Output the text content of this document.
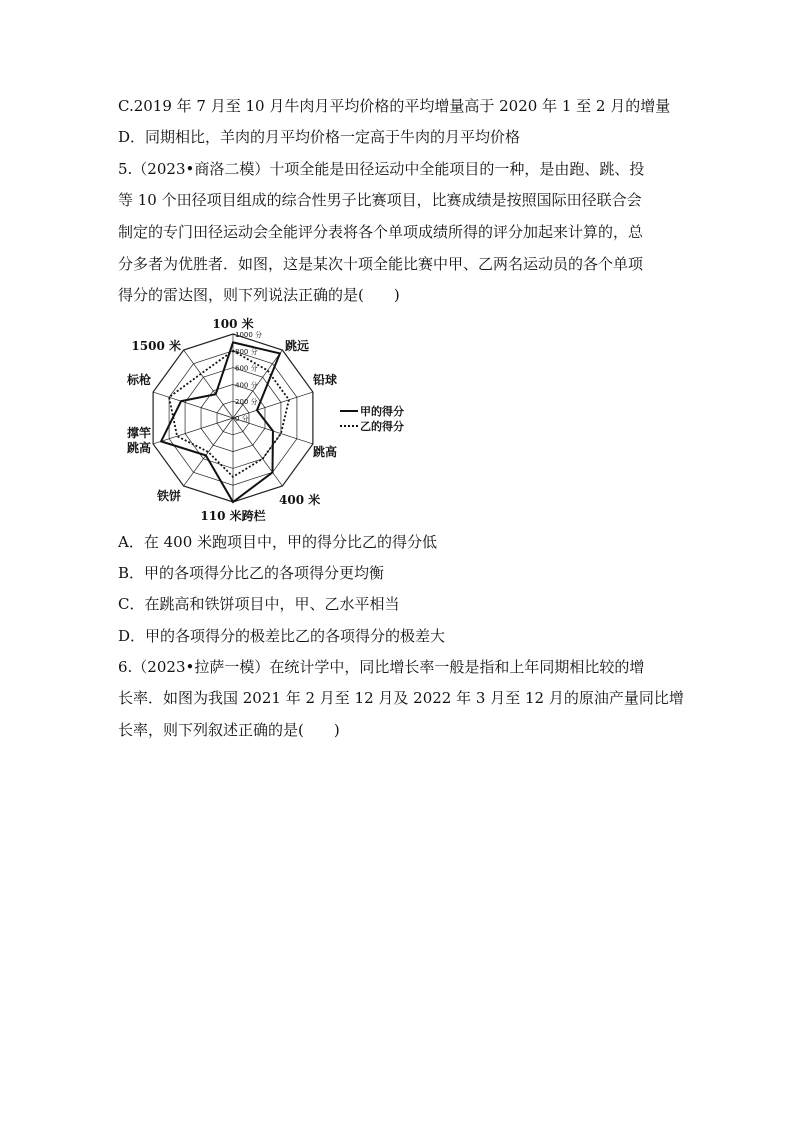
C.2019 年 7 月至 10 月牛肉月平均价格的平均增量高于 2020 年 1 至 2 月的增量
D．同期相比，羊肉的月平均价格一定高于牛肉的月平均价格
5.（2023•商洛二模）十项全能是田径运动中全能项目的一种，是由跑、跳、投
等 10 个田径项目组成的综合性男子比赛项目，比赛成绩是按照国际田径联合会
制定的专门田径运动会全能评分表将各个单项成绩所得的评分加起来计算的，总
分多者为优胜者．如图，这是某次十项全能比赛中甲、乙两名运动员的各个单项
得分的雷达图，则下列说法正确的是(　　)
0 分
200 分
400 分
600 分
800 分
1000 分
100 米
跳远
铅球
跳高
400 米
110 米跨栏
铁饼
撑竿
跳高
标枪
1500 米
甲的得分
乙的得分
A．在 400 米跑项目中，甲的得分比乙的得分低
B．甲的各项得分比乙的各项得分更均衡
C．在跳高和铁饼项目中，甲、乙水平相当
D．甲的各项得分的极差比乙的各项得分的极差大
6.（2023•拉萨一模）在统计学中，同比增长率一般是指和上年同期相比较的增
长率．如图为我国 2021 年 2 月至 12 月及 2022 年 3 月至 12 月的原油产量同比增
长率，则下列叙述正确的是(　　)
